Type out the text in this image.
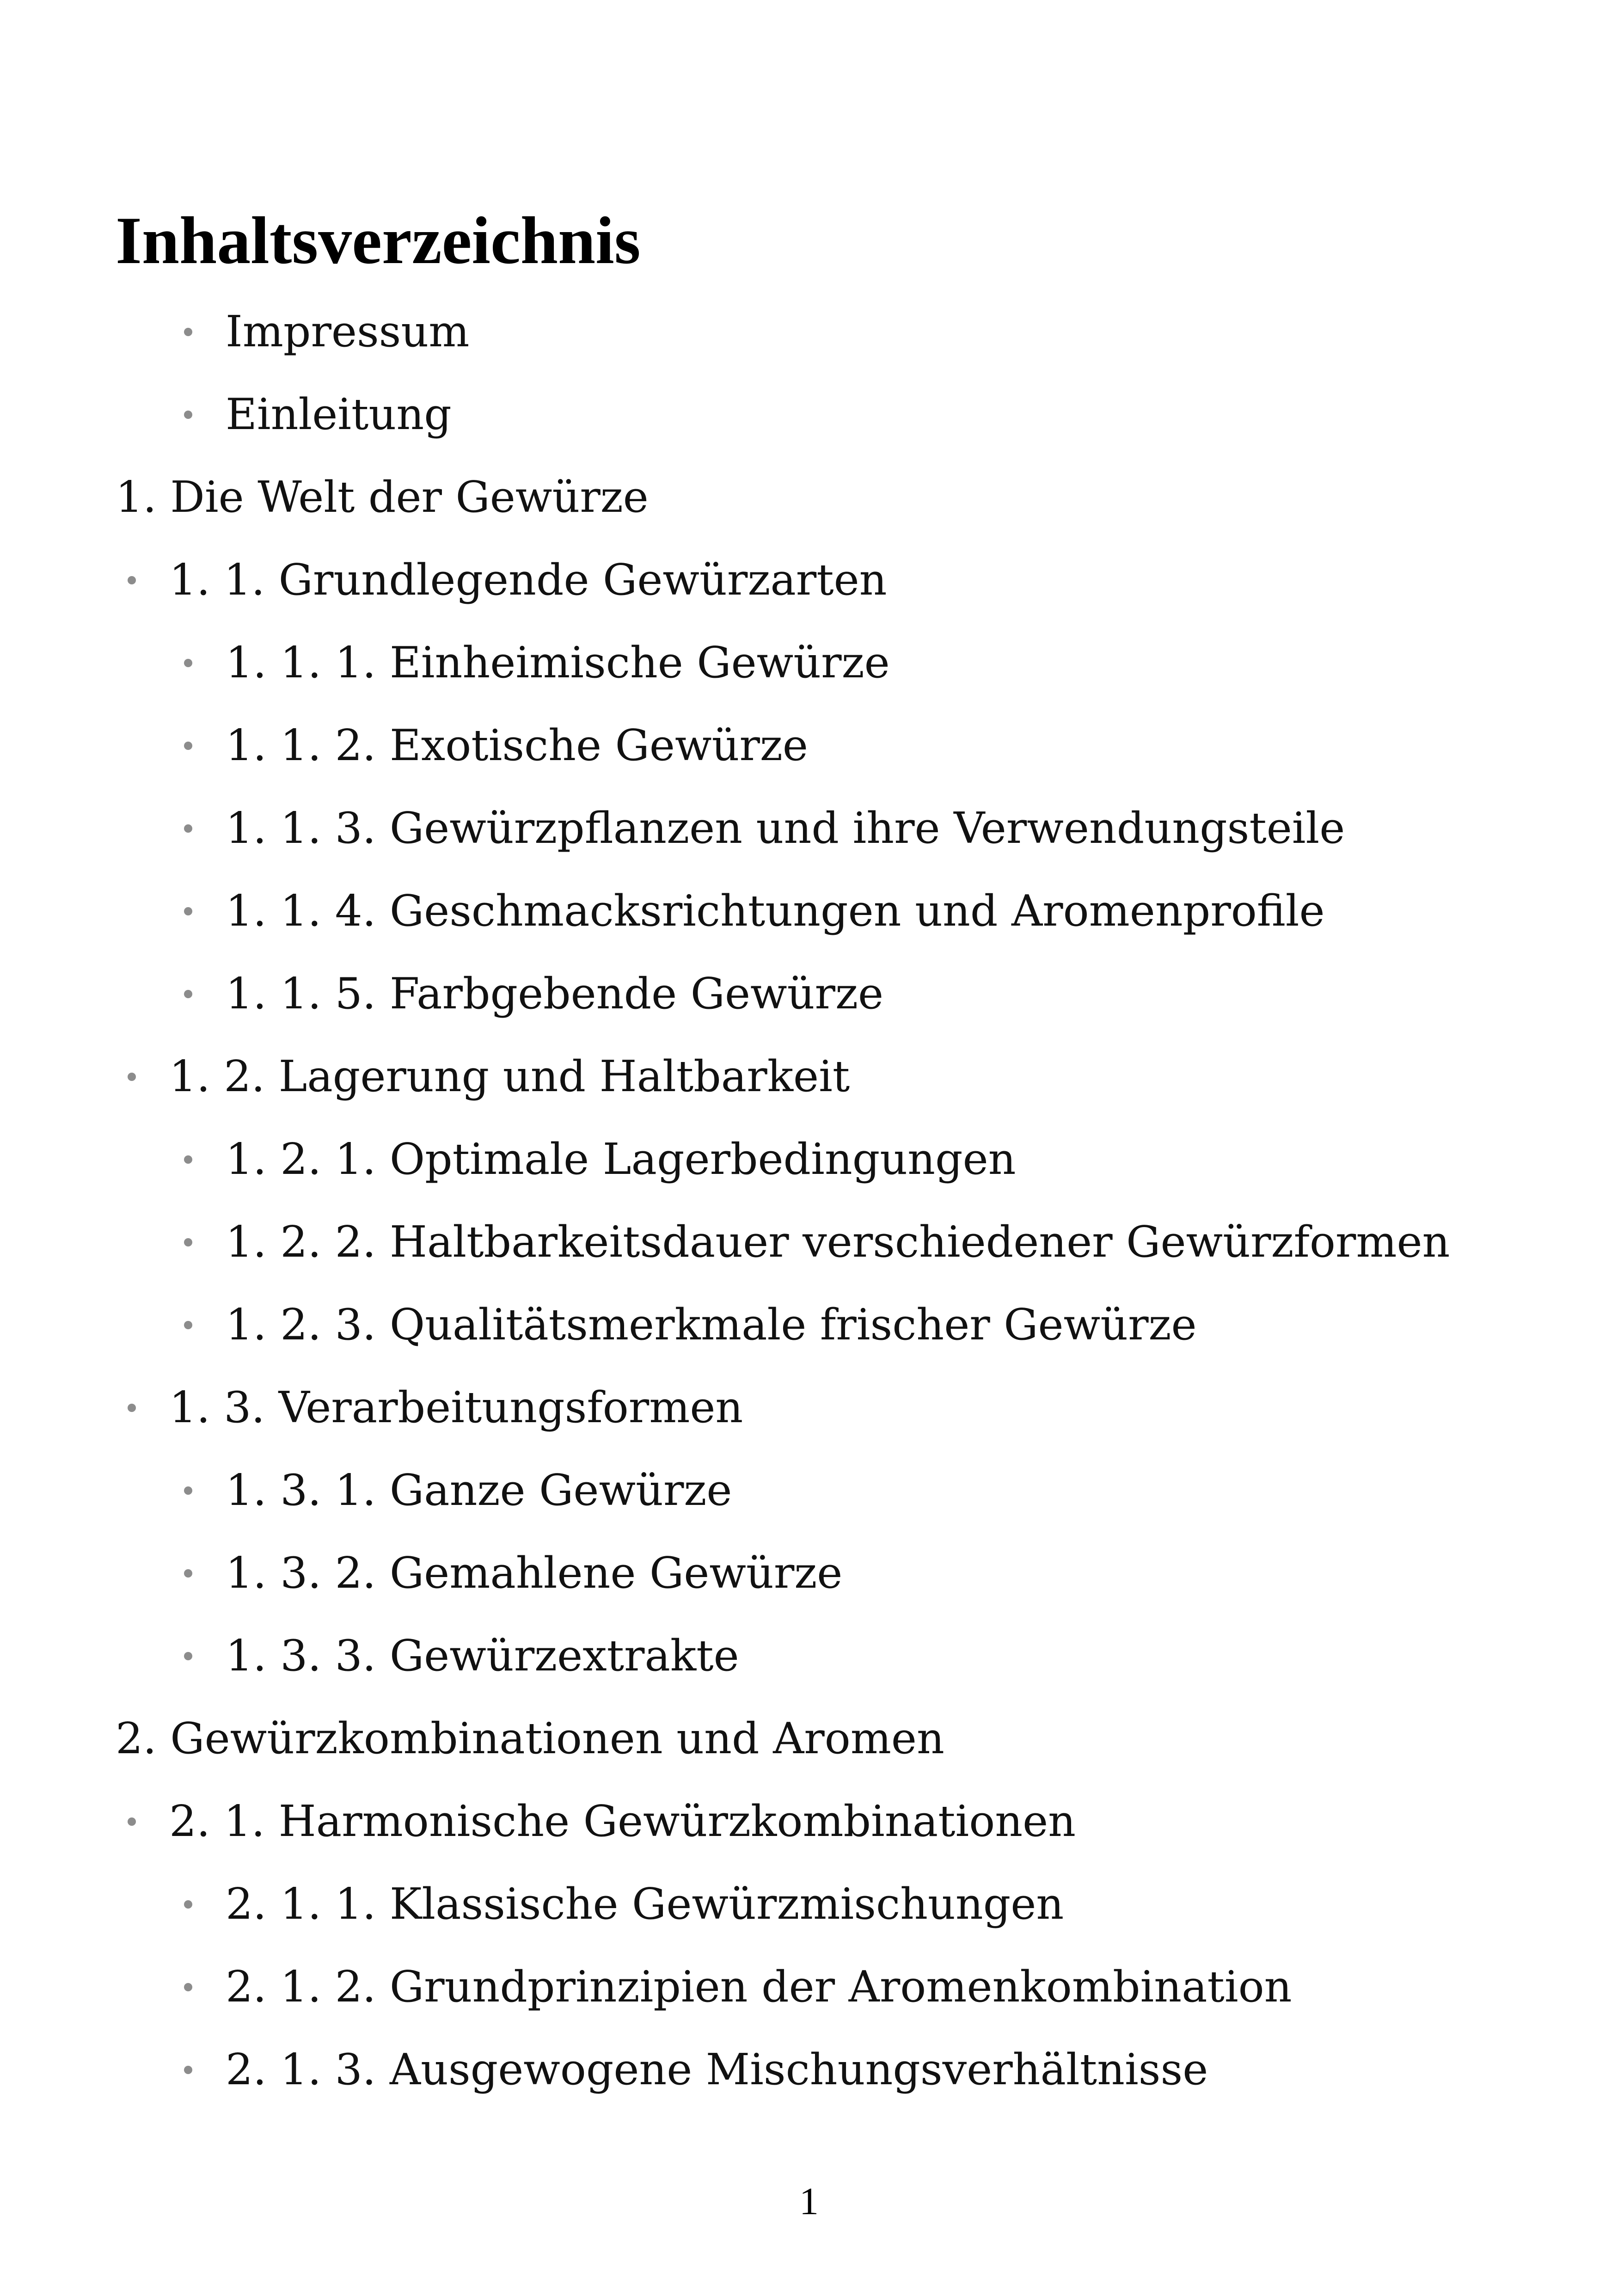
Inhaltsverzeichnis
Impressum
Einleitung
1. Die Welt der Gewürze
1. 1. Grundlegende Gewürzarten
1. 1. 1. Einheimische Gewürze
1. 1. 2. Exotische Gewürze
1. 1. 3. Gewürzpflanzen und ihre Verwendungsteile
1. 1. 4. Geschmacksrichtungen und Aromenprofile
1. 1. 5. Farbgebende Gewürze
1. 2. Lagerung und Haltbarkeit
1. 2. 1. Optimale Lagerbedingungen
1. 2. 2. Haltbarkeitsdauer verschiedener Gewürzformen
1. 2. 3. Qualitätsmerkmale frischer Gewürze
1. 3. Verarbeitungsformen
1. 3. 1. Ganze Gewürze
1. 3. 2. Gemahlene Gewürze
1. 3. 3. Gewürzextrakte
2. Gewürzkombinationen und Aromen
2. 1. Harmonische Gewürzkombinationen
2. 1. 1. Klassische Gewürzmischungen
2. 1. 2. Grundprinzipien der Aromenkombination
2. 1. 3. Ausgewogene Mischungsverhältnisse
1
